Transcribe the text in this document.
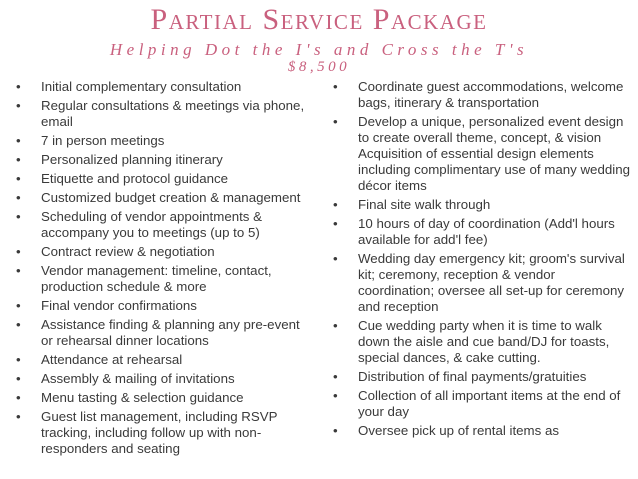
Partial Service Package
Helping Dot the I's and Cross the T's
$8,500
• Initial complementary consultation
• Regular consultations & meetings via phone, email
• 7 in person meetings
• Personalized planning itinerary
• Etiquette and protocol guidance
• Customized budget creation & management
• Scheduling of vendor appointments & accompany you to meetings (up to 5)
• Contract review & negotiation
• Vendor management: timeline, contact, production schedule & more
• Final vendor confirmations
• Assistance finding & planning any pre-event or rehearsal dinner locations
• Attendance at rehearsal
• Assembly & mailing of invitations
• Menu tasting & selection guidance
• Guest list management, including RSVP tracking, including follow up with non-responders and seating
• Coordinate guest accommodations, welcome bags, itinerary & transportation
• Develop a unique, personalized event design to create overall theme, concept, & vision Acquisition of essential design elements including complimentary use of many wedding décor items
• Final site walk through
• 10 hours of day of coordination (Add'l hours available for add'l fee)
• Wedding day emergency kit; groom's survival kit; ceremony, reception & vendor coordination; oversee all set-up for ceremony and reception
• Cue wedding party when it is time to walk down the aisle and cue band/DJ for toasts, special dances, & cake cutting.
• Distribution of final payments/gratuities
• Collection of all important items at the end of your day
• Oversee pick up of rental items as
